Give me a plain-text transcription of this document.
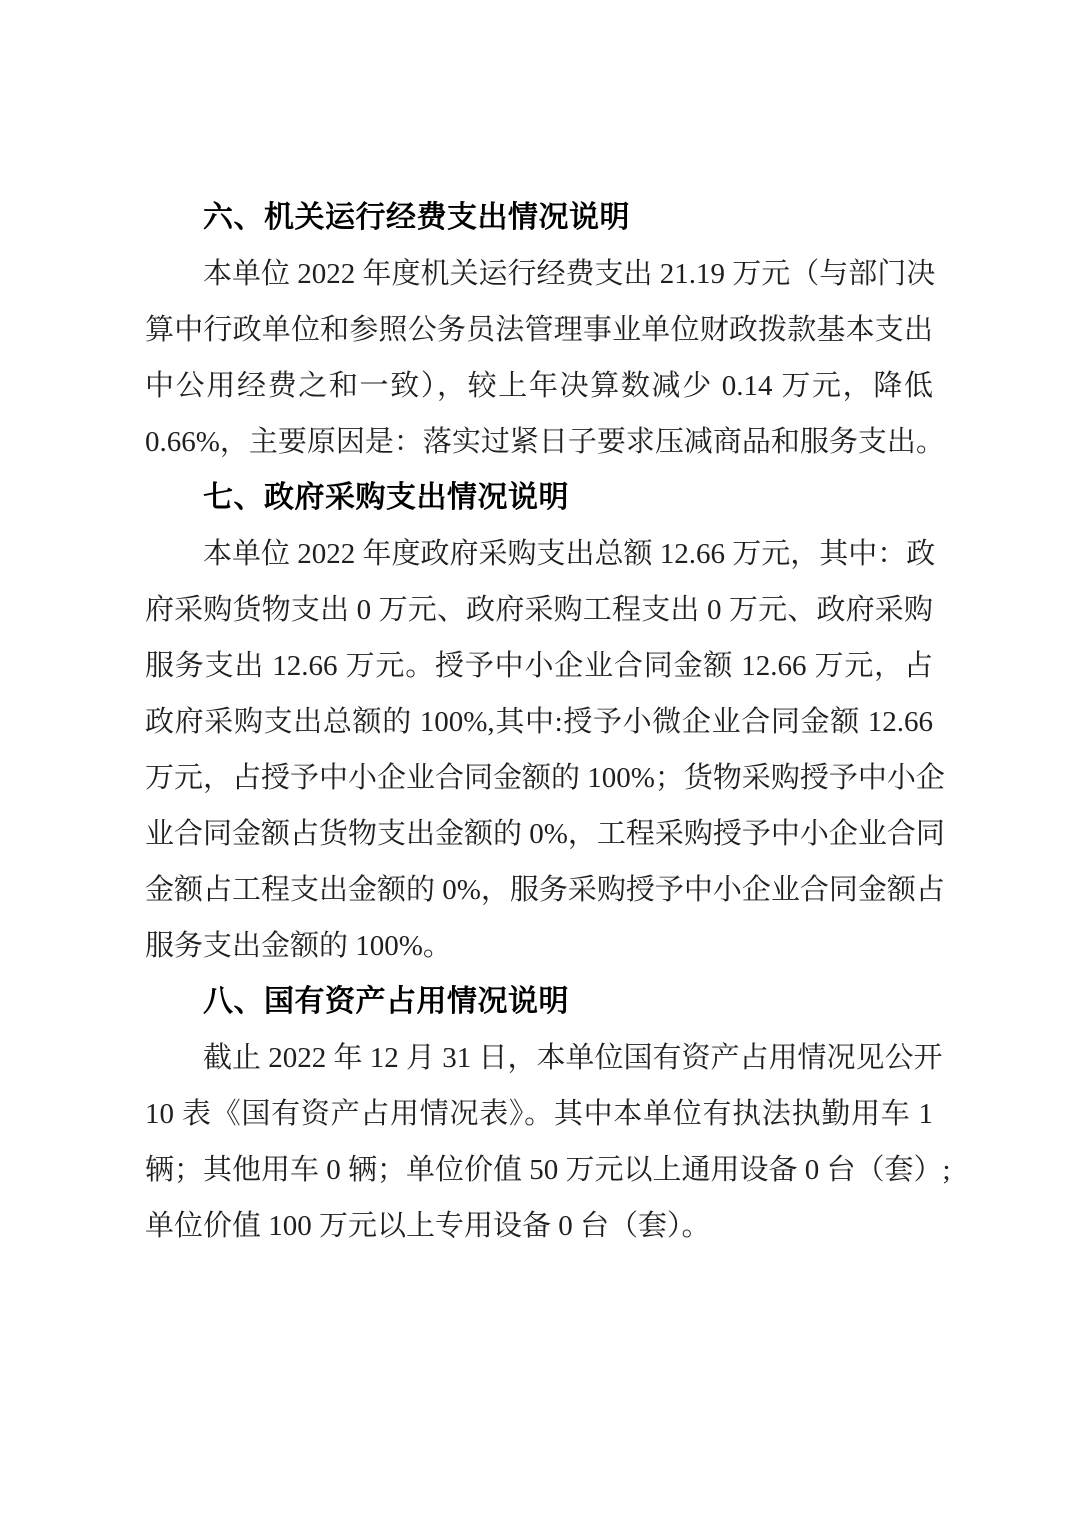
六、机关运行经费支出情况说明
本单位 2022 年度机关运行经费支出 21.19 万元（与部门决
算中行政单位和参照公务员法管理事业单位财政拨款基本支出
中公用经费之和一致），较上年决算数减少 0.14 万元，降低
0.66%，主要原因是：落实过紧日子要求压减商品和服务支出。
七、政府采购支出情况说明
本单位 2022 年度政府采购支出总额 12.66 万元，其中：政
府采购货物支出 0 万元、政府采购工程支出 0 万元、政府采购
服务支出 12.66 万元。授予中小企业合同金额 12.66 万元，占
政府采购支出总额的 100%,其中:授予小微企业合同金额 12.66
万元，占授予中小企业合同金额的 100%；货物采购授予中小企
业合同金额占货物支出金额的 0%，工程采购授予中小企业合同
金额占工程支出金额的 0%，服务采购授予中小企业合同金额占
服务支出金额的 100%。
八、国有资产占用情况说明
截止 2022 年 12 月 31 日，本单位国有资产占用情况见公开
10 表《国有资产占用情况表》。其中本单位有执法执勤用车 1
辆；其他用车 0 辆；单位价值 50 万元以上通用设备 0 台（套）;
单位价值 100 万元以上专用设备 0 台（套）。
